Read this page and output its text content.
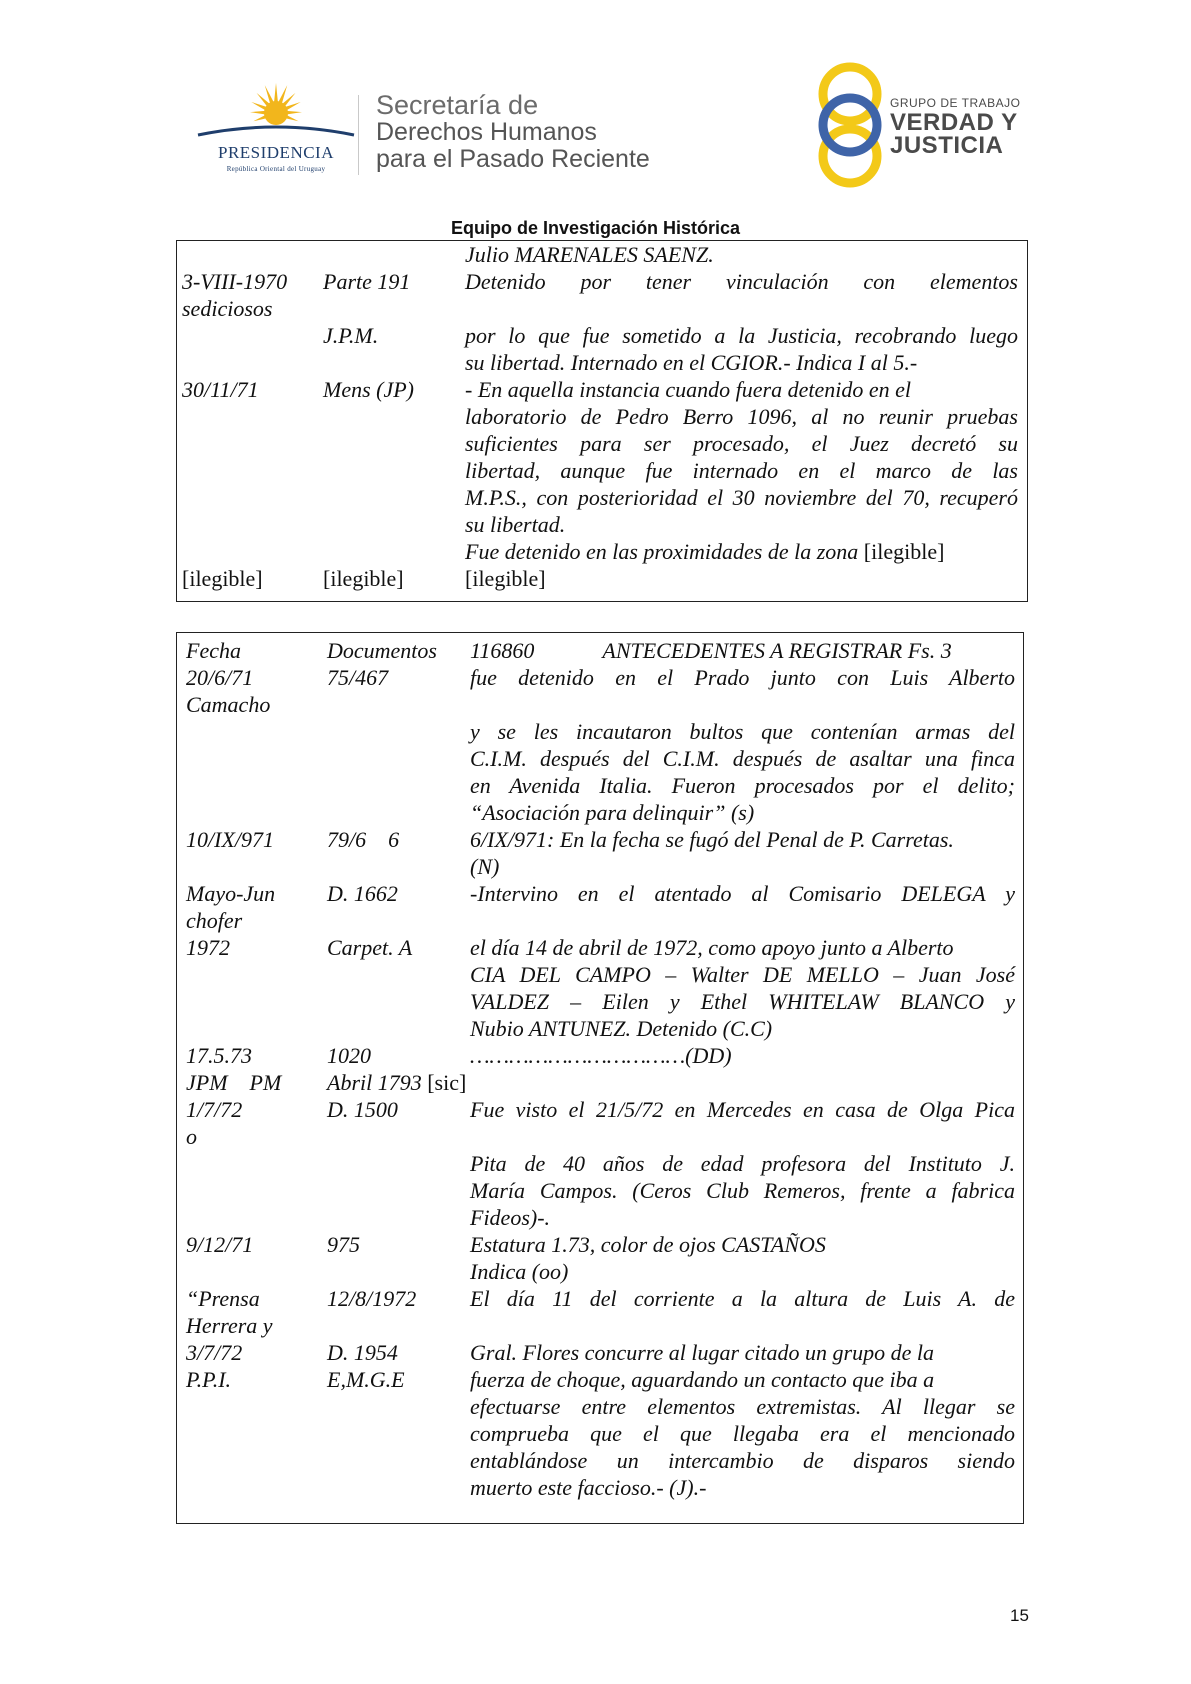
PRESIDENCIA
República Oriental del Uruguay
Secretaría de
Derechos Humanos
para el Pasado Reciente
GRUPO DE TRABAJO
VERDAD Y
JUSTICIA
Equipo de Investigación Histórica
Julio MARENALES SAENZ.
3-VIII-1970	Parte 191	Detenido por tener vinculación con elementos
sediciosos
J.P.M.	por lo que fue sometido a la Justicia, recobrando luego
su libertad. Internado en el CGIOR.- Indica I al 5.-
30/11/71	Mens (JP)	- En aquella instancia cuando fuera detenido en el
laboratorio de Pedro Berro 1096, al no reunir pruebas
suficientes para ser procesado, el Juez decretó su
libertad, aunque fue internado en el marco de las
M.P.S., con posterioridad el 30 noviembre del 70, recuperó
su libertad.
Fue detenido en las proximidades de la zona [ilegible]
[ilegible]	[ilegible]	[ilegible]
Fecha	Documentos	116860	ANTECEDENTES A REGISTRAR Fs. 3
20/6/71	75/467	fue detenido en el Prado junto con Luis Alberto
Camacho
y se les incautaron bultos que contenían armas del
C.I.M. después del C.I.M. después de asaltar una finca
en Avenida Italia. Fueron procesados por el delito;
“Asociación para delinquir” (s)
10/IX/971	79/6    6	6/IX/971: En la fecha se fugó del Penal de P. Carretas.
(N)
Mayo-Jun	D. 1662	-Intervino en el atentado al Comisario DELEGA y
chofer
1972	Carpet. A	el día 14 de abril de 1972, como apoyo junto a Alberto
CIA DEL CAMPO – Walter DE MELLO – Juan José
VALDEZ – Eilen y Ethel WHITELAW BLANCO y
Nubio ANTUNEZ. Detenido (C.C)
17.5.73	1020	……………………………(DD)
JPM    PM	Abril 1793 [sic]
1/7/72	D. 1500	Fue visto el 21/5/72 en Mercedes en casa de Olga Pica
o
Pita de 40 años de edad profesora del Instituto J.
María Campos. (Ceros Club Remeros, frente a fabrica
Fideos)-.
9/12/71	975	Estatura 1.73, color de ojos CASTAÑOS
Indica (oo)
“Prensa	12/8/1972	El día 11 del corriente a la altura de Luis A. de
Herrera y
3/7/72	D. 1954	Gral. Flores concurre al lugar citado un grupo de la
P.P.I.	E,M.G.E	fuerza de choque, aguardando un contacto que iba a
efectuarse entre elementos extremistas. Al llegar se
comprueba que el que llegaba era el mencionado
entablándose un intercambio de disparos siendo
muerto este faccioso.- (J).-
15
